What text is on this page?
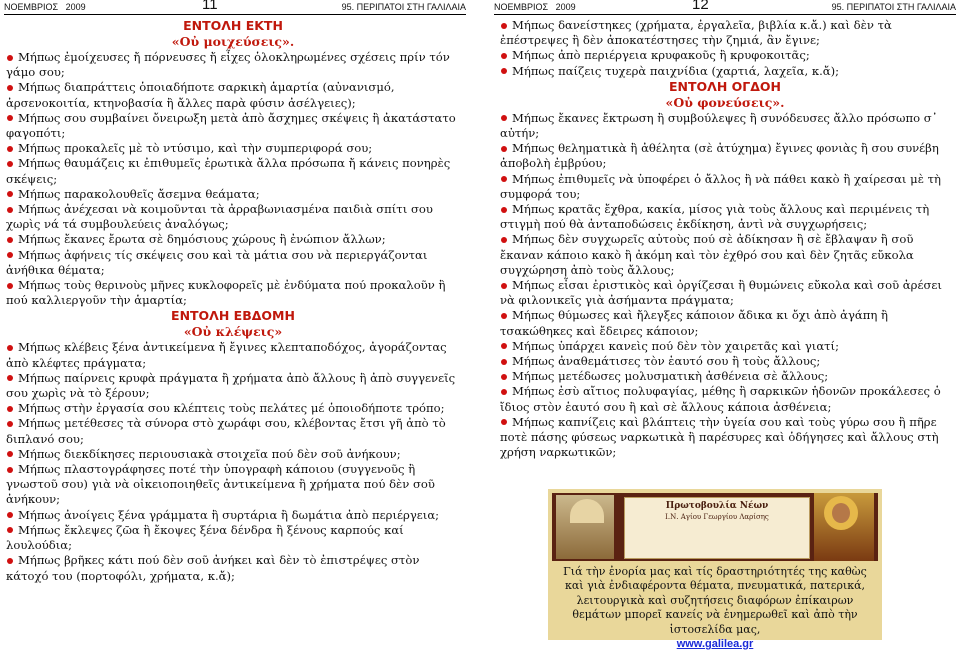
ΝΟΕΜΒΡΙΟΣ 2009	11	95. ΠΕΡΙΠΑΤΟΙ ΣΤΗ ΓΑΛΙΛΑΙΑ
ΕΝΤΟΛΗ ΕΚΤΗ
«Οὐ μοιχεύσεις».
Μήπως ἐμοίχευσες ἤ πόρνευσες ἤ εἶχες ὁλοκληρωμένες σχέσεις πρίν τόν γάμο σου;
Μήπως διαπράττεις ὁποιαδήποτε σαρκικὴ ἁμαρτία (αὐνανισμό, ἀρσενοκοιτία, κτηνοβασία ἢ ἄλλες παρὰ φύσιν ἀσέλγειες);
Μήπως σου συμβαίνει ὄνειρωξη μετὰ ἀπὸ ἄσχημες σκέψεις ἢ ἀκατάστατο φαγοπότι;
Μήπως προκαλεῖς μὲ τὸ ντύσιμο, καὶ τὴν συμπεριφορά σου;
Μήπως θαυμάζεις κι ἐπιθυμεῖς ἐρωτικὰ ἄλλα πρόσωπα ἤ κάνεις πονηρὲς σκέψεις;
Μήπως παρακολουθεῖς ἄσεμνα θεάματα;
Μήπως ἀνέχεσαι νὰ κοιμοῦνται τὰ ἀρραβωνιασμένα παιδιὰ σπίτι σου χωρὶς νά τά συμβουλεύεις ἀναλόγως;
Μήπως ἔκανες ἔρωτα σὲ δημόσιους χώρους ἢ ἐνώπιον ἄλλων;
Μήπως ἀφήνεις τίς σκέψεις σου καὶ τὰ μάτια σου νὰ περιεργάζονται ἀνήθικα θέματα;
Μήπως τοὺς θερινοὺς μῆνες κυκλοφορεῖς μὲ ἐνδύματα πού προκαλοῦν ἢ πού καλλιεργοῦν τὴν ἁμαρτία;
ΕΝΤΟΛΗ ΕΒΔΟΜΗ
«Οὐ κλέψεις»
Μήπως κλέβεις ξένα ἀντικείμενα ἤ ἔγινες κλεπταποδόχος, ἀγοράζοντας ἀπὸ κλέφτες πράγματα;
Μήπως παίρνεις κρυφὰ πράγματα ἢ χρήματα ἀπὸ ἄλλους ἢ ἀπὸ συγγενεῖς σου χωρὶς νὰ τὸ ξέρουν;
Μήπως στὴν ἐργασία σου κλέπτεις τοὺς πελάτες μέ ὁποιοδήποτε τρόπο;
Μήπως μετέθεσες τὰ σύνορα στὸ χωράφι σου, κλέβοντας ἔτσι γῆ ἀπὸ τὸ διπλανό σου;
Μήπως διεκδίκησες περιουσιακὰ στοιχεῖα πού δὲν σοῦ ἀνήκουν;
Μήπως πλαστογράφησες ποτέ τὴν ὑπογραφὴ κάποιου (συγγενοῦς ἢ γνωστοῦ σου) γιὰ νὰ οἰκειοποιηθεῖς ἀντικείμενα ἢ χρήματα πού δὲν σοῦ ἀνήκουν;
Μήπως ἀνοίγεις ξένα γράμματα ἢ συρτάρια ἢ δωμάτια ἀπὸ περιέργεια;
Μήπως ἔκλεψες ζῶα ἢ ἔκοψες ξένα δένδρα ἢ ξένους καρπούς καί λουλούδια;
Μήπως βρῆκες κάτι πού δὲν σοῦ ἀνήκει καὶ δὲν τὸ ἐπιστρέψες στὸν κάτοχό του (πορτοφόλι, χρήματα, κ.ἄ);
ΝΟΕΜΒΡΙΟΣ 2009	12	95. ΠΕΡΙΠΑΤΟΙ ΣΤΗ ΓΑΛΙΛΑΙΑ
Μήπως δανείστηκες (χρήματα, ἐργαλεῖα, βιβλία κ.ἄ.) καὶ δὲν τὰ ἐπέστρεψες ἢ δὲν ἀποκατέστησες τὴν ζημιά, ἂν ἔγινε;
Μήπως ἀπὸ περιέργεια κρυφακοῦς ἢ κρυφοκοιτᾶς;
Μήπως παίζεις τυχερὰ παιχνίδια (χαρτιά, λαχεῖα, κ.ἄ);
ΕΝΤΟΛΗ ΟΓΔΟΗ
«Οὐ φονεύσεις».
Μήπως ἔκανες ἔκτρωση ἢ συμβούλεψες ἢ συνόδευσες ἄλλο πρόσωπο σ᾽ αὐτήν;
Μήπως θεληματικὰ ἢ ἀθέλητα (σὲ ἀτύχημα) ἔγινες φονιὰς ἢ σου συνέβη ἀποβολὴ ἐμβρύου;
Μήπως ἐπιθυμεῖς νὰ ὑποφέρει ὁ ἄλλος ἢ νὰ πάθει κακὸ ἢ χαίρεσαι μὲ τὴ συμφορά του;
Μήπως κρατᾶς ἔχθρα, κακία, μίσος γιὰ τοὺς ἄλλους καὶ περιμένεις τὴ στιγμὴ πού θὰ ἀνταποδώσεις ἐκδίκηση, ἀντὶ νὰ συγχωρήσεις;
Μήπως δὲν συγχωρεῖς αὐτοὺς πού σὲ ἀδίκησαν ἢ σὲ ἔβλαψαν ἢ σοῦ ἔκαναν κάποιο κακὸ ἢ ἀκόμη καὶ τὸν ἐχθρό σου καὶ δὲν ζητᾶς εὔκολα συγχώρηση ἀπὸ τοὺς ἄλλους;
Μήπως εἶσαι ἐριστικὸς καὶ ὀργίζεσαι ἢ θυμώνεις εὔκολα καὶ σοῦ ἀρέσει νὰ φιλονικεῖς γιὰ ἀσήμαντα πράγματα;
Μήπως θύμωσες καὶ ἤλεγξες κάποιον ἄδικα κι ὄχι ἀπὸ ἀγάπη ἢ τσακώθηκες καὶ ἔδειρες κάποιον;
Μήπως ὑπάρχει κανεὶς πού δὲν τὸν χαιρετᾶς καὶ γιατί;
Μήπως ἀναθεμάτισες τὸν ἑαυτό σου ἢ τοὺς ἄλλους;
Μήπως μετέδωσες μολυσματικὴ ἀσθένεια σὲ ἄλλους;
Μήπως ἐσὺ αἴτιος πολυφαγίας, μέθης ἢ σαρκικῶν ἡδονῶν προκάλεσες ὁ ἴδιος στὸν ἑαυτό σου ἢ καὶ σὲ ἄλλους κάποια ἀσθένεια;
Μήπως καπνίζεις καὶ βλάπτεις τὴν ὑγεία σου καὶ τοὺς γύρω σου ἢ πῆρε ποτὲ πάσης φύσεως ναρκωτικὰ ἢ παρέσυρες καὶ ὁδήγησες καὶ ἄλλους στὴ χρήση ναρκωτικῶν;
Πρωτοβουλία Νέων
Ι.Ν. Αγίου Γεωργίου Λαρίσης
Γιά τὴν ἐνορία μας καὶ τίς δραστηριότητές της καθὼς καὶ γιὰ ἐνδιαφέροντα θέματα, πνευματικά, πατερικά, λειτουργικὰ καὶ συζητήσεις διαφόρων ἐπίκαιρων θεμάτων μπορεῖ κανείς νὰ ἐνημερωθεῖ καὶ ἀπὸ τὴν ἱστοσελίδα μας,
www.galilea.gr
